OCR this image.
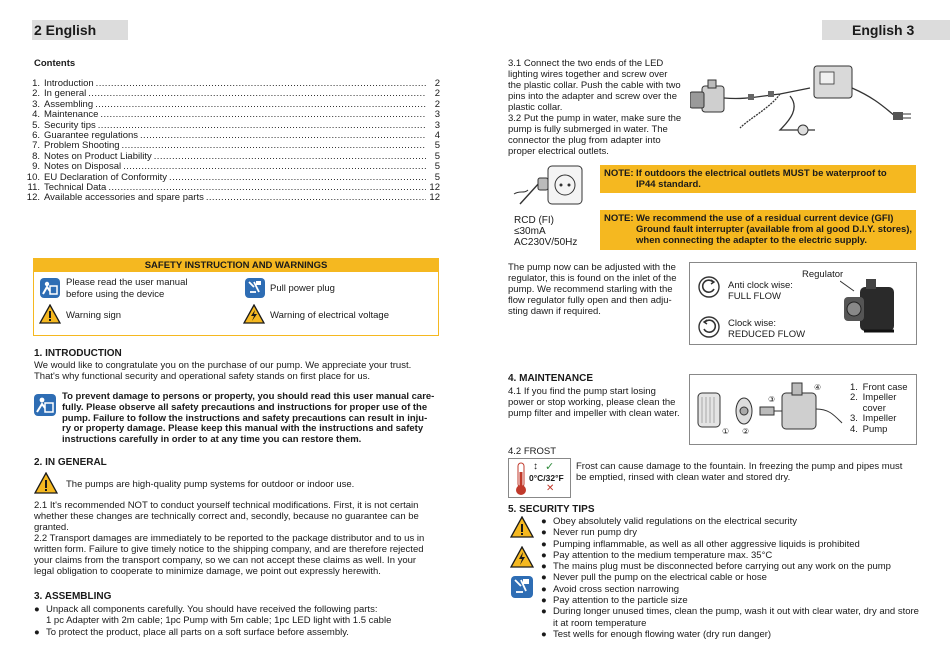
2 English	English 3
Contents
1. Introduction .....	2
2. In general .....	2
3. Assembling .....	2
4. Maintenance .....	3
5. Security tips .....	3
6. Guarantee regulations .....	4
7. Problem Shooting .....	5
8. Notes on Product Liability .....	5
9. Notes on Disposal .....	5
10. EU Declaration of Conformity .....	5
11. Technical Data .....	12
12. Available accessories and spare parts .....	12
SAFETY INSTRUCTION AND WARNINGS
Please read the user manual
before using the device
Pull power plug
Warning sign	Warning of electrical voltage
1. INTRODUCTION
We would like to congratulate you on the purchase of our pump. We appreciate your trust.
That's why functional security and operational safety stands on first place for us.
To prevent damage to persons or property, you should read this user manual care-
fully. Please observe all safety precautions and instructions for proper use of the
pump. Failure to follow the instructions and safety precautions can result in inju-
ry or property damage. Please keep this manual with the instructions and safety
instructions carefully in order to at any time you can restore them.
2. IN GENERAL
The pumps are high-quality pump systems for outdoor or indoor use.
2.1 It's recommended NOT to conduct yourself technical modifications. First, it is not certain
whether these changes are technically correct and, secondly, because no guarantee can be
granted.
2.2 Transport damages are immediately to be reported to the package distributor and to us in
written form. Failure to give timely notice to the shipping company, and are therefore rejected
your claims from the transport company, so we can not accept these claims as well. In your
legal obligation to cooperate to minimize damage, we point out expressly herewith.
3. ASSEMBLING
● Unpack all components carefully. You should have received the following parts:
1 pc Adapter with 2m cable; 1pc Pump with 5m cable; 1pc LED light with 1.5 cable
● To protect the product, place all parts on a soft surface before assembly.
3.1 Connect the two ends of the LED
lighting wires together and screw over
the plastic collar. Push the cable with two
pins into the adapter and screw over the
plastic collar.
3.2 Put the pump in water, make sure the
pump is fully submerged in water. The
connector the plug from adapter into
proper electrical outlets.
RCD (FI)
≤30mA
AC230V/50Hz
NOTE: If outdoors the electrical outlets MUST be waterproof to
IP44 standard.
NOTE: We recommend the use of a residual current device (GFI)
Ground fault interrupter (available from al good D.I.Y. stores),
when connecting the adapter to the electric supply.
The pump now can be adjusted with the
regulator, this is found on the inlet of the
pump. We recommend starling with the
flow regulator fully open and then adju-
sting dawn if required.
Anti clock wise:
FULL FLOW
Clock wise:
REDUCED FLOW
Regulator
4. MAINTENANCE
4.1 If you find the pump start losing
power or stop working, please clean the
pump filter and impeller with clean water.
① ②
③
④	1. Front case
2. Impeller
cover
3. Impeller
4. Pump
4.2 FROST
✓
↕
0°C/32°F
✕
Frost can cause damage to the fountain. In freezing the pump and pipes must
be emptied, rinsed with clean water and stored dry.
5. SECURITY TIPS
● Obey absolutely valid regulations on the electrical security
● Never run pump dry
● Pumping inflammable, as well as all other aggressive liquids is prohibited
● Pay attention to the medium temperature max. 35°C
● The mains plug must be disconnected before carrying out any work on the pump
● Never pull the pump on the electrical cable or hose
● Avoid cross section narrowing
● Pay attention to the particle size
● During longer unused times, clean the pump, wash it out with clear water, dry and store
it at room temperature
● Test wells for enough flowing water (dry run danger)
